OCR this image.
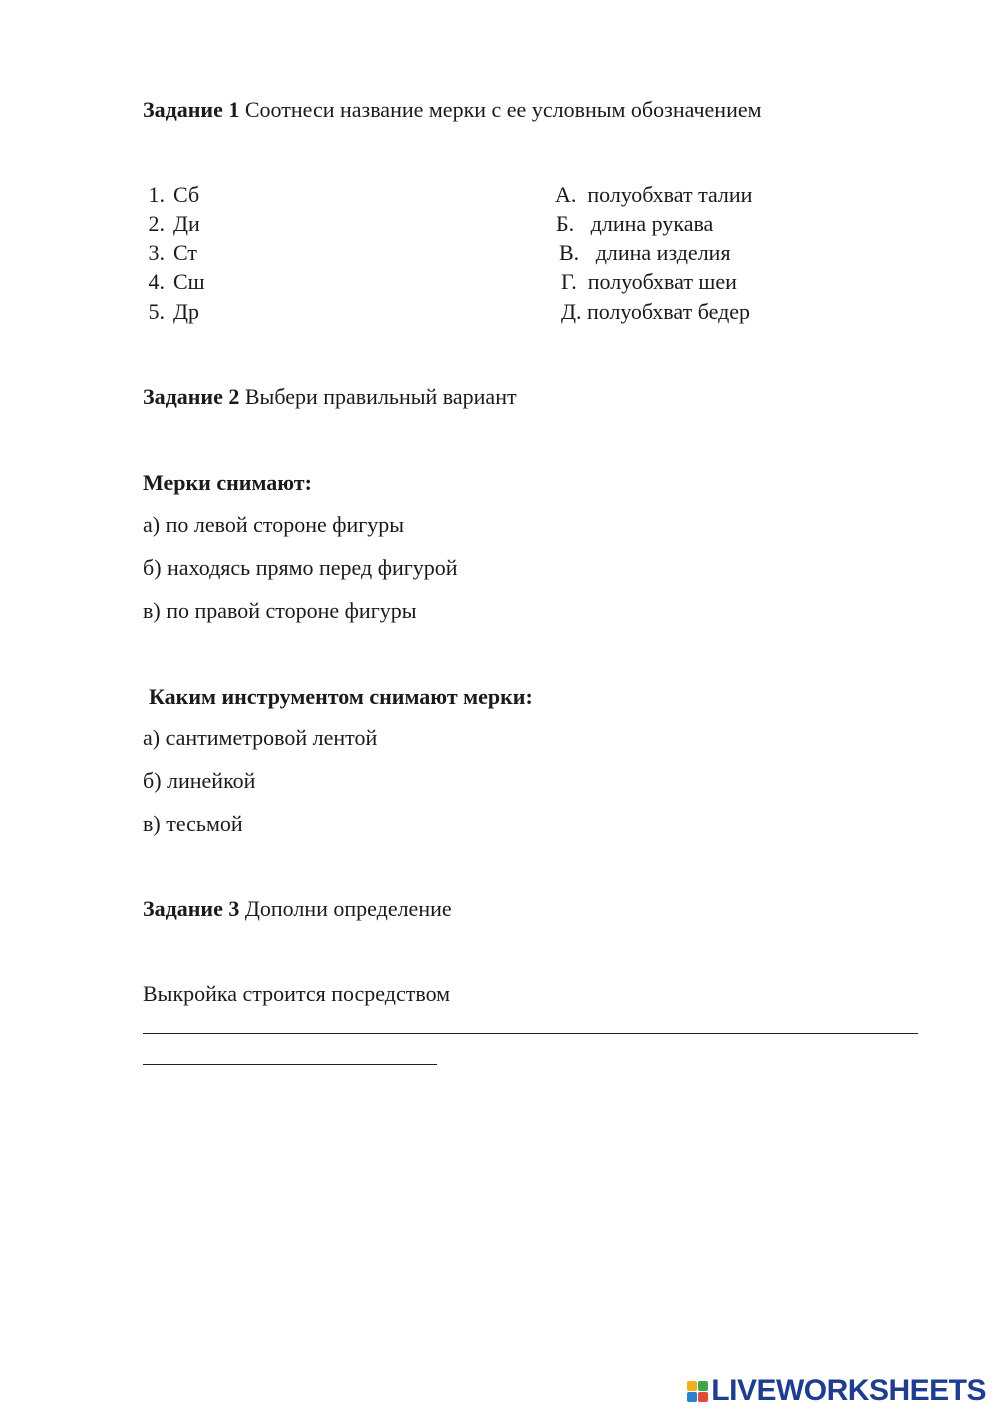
Задание 1 Соотнеси название мерки с ее условным обозначением
1. Сб
2. Ди
3. Ст
4. Сш
5. Др
А. полуобхват талии
Б. длина рукава
В. длина изделия
Г. полуобхват шеи
Д. полуобхват бедер
Задание 2 Выбери правильный вариант
Мерки снимают:
а) по левой стороне фигуры
б) находясь прямо перед фигурой
в) по правой стороне фигуры
Каким инструментом снимают мерки:
а) сантиметровой лентой
б) линейкой
в) тесьмой
Задание 3 Дополни определение
Выкройка строится посредством
LIVEWORKSHEETS
